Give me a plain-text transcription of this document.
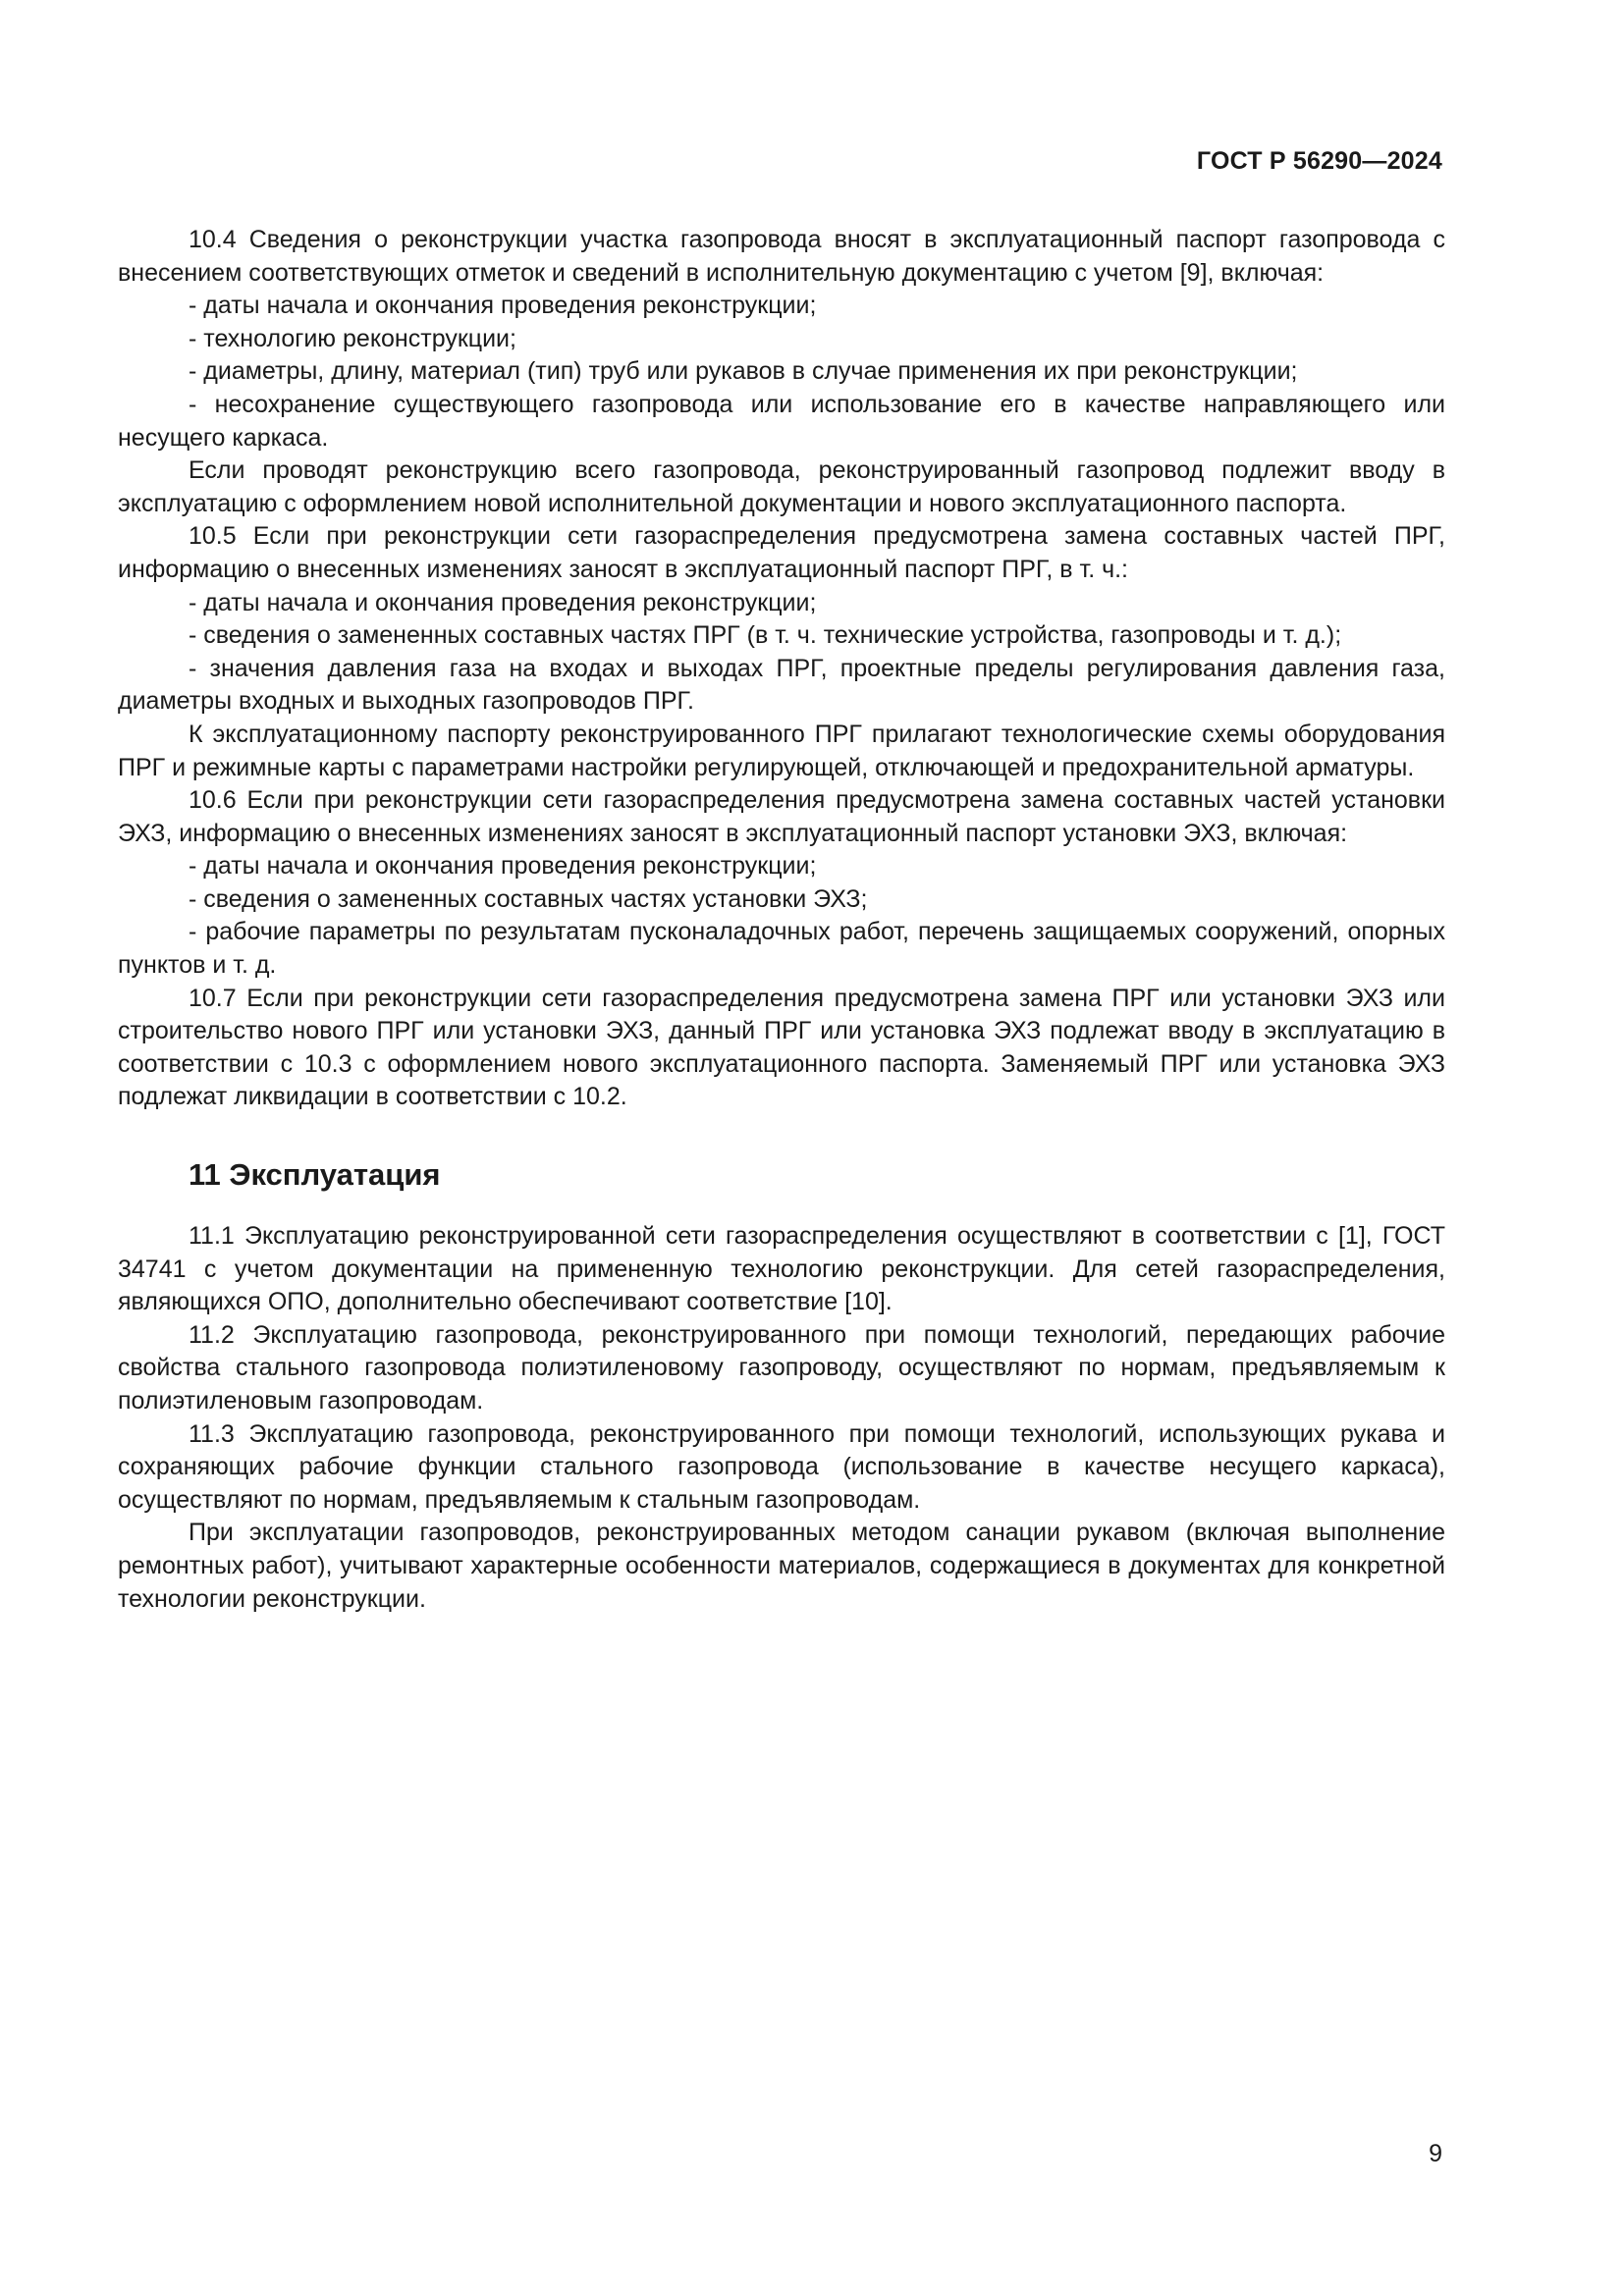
ГОСТ Р 56290—2024

10.4 Сведения о реконструкции участка газопровода вносят в эксплуатационный паспорт газопровода с внесением соответствующих отметок и сведений в исполнительную документацию с учетом [9], включая:

- даты начала и окончания проведения реконструкции;

- технологию реконструкции;

- диаметры, длину, материал (тип) труб или рукавов в случае применения их при реконструкции;

- несохранение существующего газопровода или использование его в качестве направляющего или несущего каркаса.

Если проводят реконструкцию всего газопровода, реконструированный газопровод подлежит вводу в эксплуатацию с оформлением новой исполнительной документации и нового эксплуатационного паспорта.

10.5 Если при реконструкции сети газораспределения предусмотрена замена составных частей ПРГ, информацию о внесенных изменениях заносят в эксплуатационный паспорт ПРГ, в т. ч.:

- даты начала и окончания проведения реконструкции;

- сведения о замененных составных частях ПРГ (в т. ч. технические устройства, газопроводы и т. д.);

- значения давления газа на входах и выходах ПРГ, проектные пределы регулирования давления газа, диаметры входных и выходных газопроводов ПРГ.

К эксплуатационному паспорту реконструированного ПРГ прилагают технологические схемы оборудования ПРГ и режимные карты с параметрами настройки регулирующей, отключающей и предохранительной арматуры.

10.6 Если при реконструкции сети газораспределения предусмотрена замена составных частей установки ЭХЗ, информацию о внесенных изменениях заносят в эксплуатационный паспорт установки ЭХЗ, включая:

- даты начала и окончания проведения реконструкции;

- сведения о замененных составных частях установки ЭХЗ;

- рабочие параметры по результатам пусконаладочных работ, перечень защищаемых сооружений, опорных пунктов и т. д.

10.7 Если при реконструкции сети газораспределения предусмотрена замена ПРГ или установки ЭХЗ или строительство нового ПРГ или установки ЭХЗ, данный ПРГ или установка ЭХЗ подлежат вводу в эксплуатацию в соответствии с 10.3 с оформлением нового эксплуатационного паспорта. Заменяемый ПРГ или установка ЭХЗ подлежат ликвидации в соответствии с 10.2.

11 Эксплуатация

11.1 Эксплуатацию реконструированной сети газораспределения осуществляют в соответствии с [1], ГОСТ 34741 с учетом документации на примененную технологию реконструкции. Для сетей газораспределения, являющихся ОПО, дополнительно обеспечивают соответствие [10].

11.2 Эксплуатацию газопровода, реконструированного при помощи технологий, передающих рабочие свойства стального газопровода полиэтиленовому газопроводу, осуществляют по нормам, предъявляемым к полиэтиленовым газопроводам.

11.3 Эксплуатацию газопровода, реконструированного при помощи технологий, использующих рукава и сохраняющих рабочие функции стального газопровода (использование в качестве несущего каркаса), осуществляют по нормам, предъявляемым к стальным газопроводам.

При эксплуатации газопроводов, реконструированных методом санации рукавом (включая выполнение ремонтных работ), учитывают характерные особенности материалов, содержащиеся в документах для конкретной технологии реконструкции.

9
